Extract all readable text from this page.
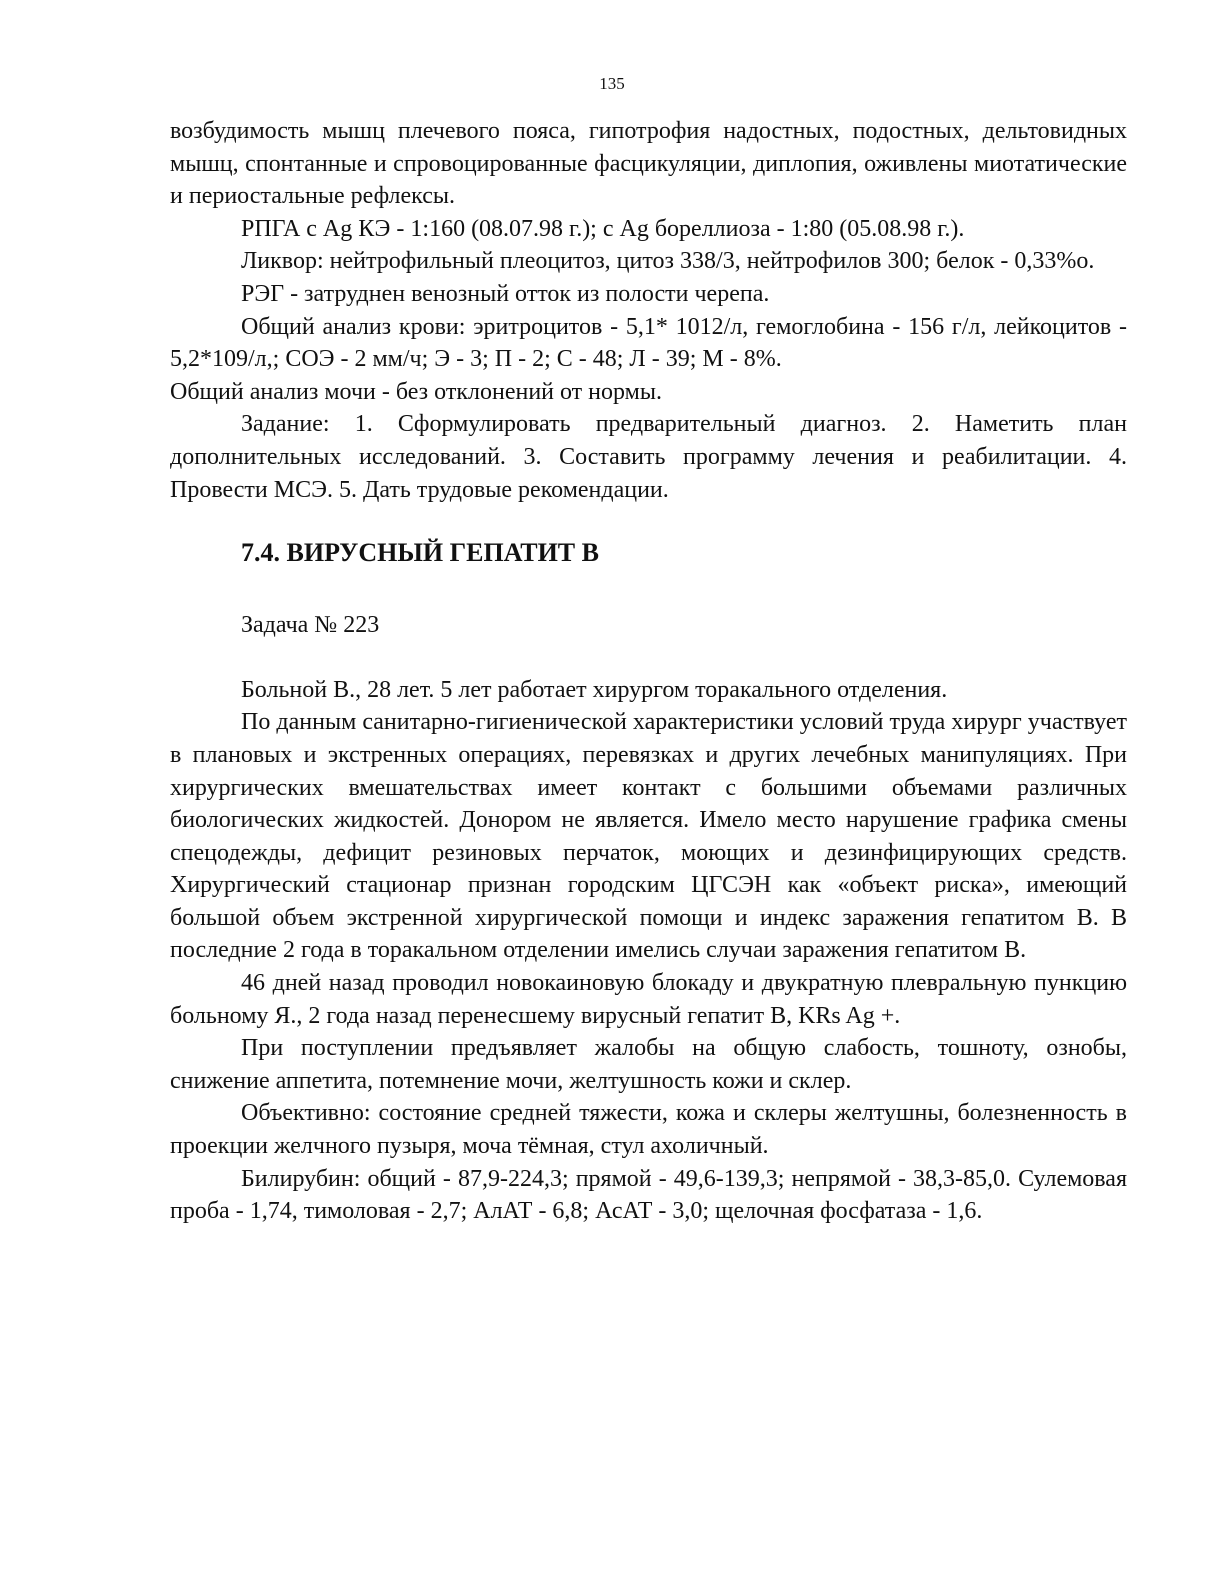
135

возбудимость мышц плечевого пояса, гипотрофия надостных, подостных, дельтовидных мышц, спонтанные и спровоцированные фасцикуляции, диплопия, оживлены миотатические и периостальные рефлексы.

РПГА с Ag КЭ - 1:160 (08.07.98 г.); с Ag бореллиоза - 1:80 (05.08.98 г.).

Ликвор: нейтрофильный плеоцитоз, цитоз 338/3, нейтрофилов 300; белок - 0,33%о.

РЭГ - затруднен венозный отток из полости черепа.

Общий анализ крови: эритроцитов - 5,1* 1012/л, гемоглобина - 156 г/л, лейкоцитов - 5,2*109/л,; СОЭ - 2 мм/ч; Э - 3; П - 2; С - 48; Л - 39; М - 8%.

Общий анализ мочи - без отклонений от нормы.

Задание: 1. Сформулировать предварительный диагноз. 2. Наметить план дополнительных исследований. 3. Составить программу лечения и реабилитации. 4. Провести МСЭ. 5. Дать трудовые рекомендации.

7.4. ВИРУСНЫЙ ГЕПАТИТ В

Задача № 223

Больной В., 28 лет. 5 лет работает хирургом торакального отделения.

По данным санитарно-гигиенической характеристики условий труда хирург участвует в плановых и экстренных операциях, перевязках и других лечебных манипуляциях. При хирургических вмешательствах имеет контакт с большими объемами различных биологических жидкостей. Донором не является. Имело место нарушение графика смены спецодежды, дефицит резиновых перчаток, моющих и дезинфицирующих средств. Хирургический стационар признан городским ЦГСЭН как «объект риска», имеющий большой объем экстренной хирургической помощи и индекс заражения гепатитом В. В последние 2 года в торакальном отделении имелись случаи заражения гепатитом В.

46 дней назад проводил новокаиновую блокаду и двукратную плевральную пункцию больному Я., 2 года назад перенесшему вирусный гепатит В, KRs Ag +.

При поступлении предъявляет жалобы на общую слабость, тошноту, ознобы, снижение аппетита, потемнение мочи, желтушность кожи и склер.

Объективно: состояние средней тяжести, кожа и склеры желтушны, болезненность в проекции желчного пузыря, моча тёмная, стул ахоличный.

Билирубин: общий - 87,9-224,3; прямой - 49,6-139,3; непрямой - 38,3-85,0. Сулемовая проба - 1,74, тимоловая - 2,7; АлАТ - 6,8; АсАТ - 3,0; щелочная фосфатаза - 1,6.
